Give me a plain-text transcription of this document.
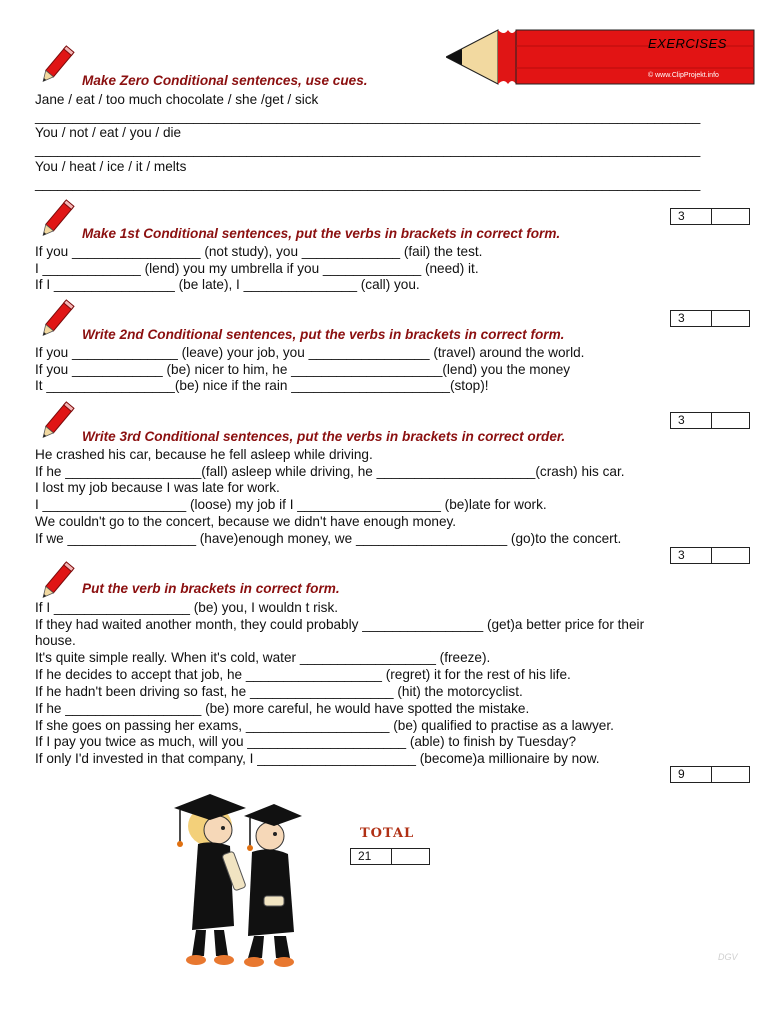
EXERCISES
© www.ClipProjekt.info
Make Zero Conditional sentences, use cues.
Jane / eat / too much chocolate / she /get / sick
________________________________________________________________________________________
You / not / eat / you / die
________________________________________________________________________________________
You / heat / ice / it / melts
________________________________________________________________________________________
3
Make 1st Conditional sentences, put the verbs in brackets in correct form.
If you _________________ (not study), you _____________ (fail) the test.
I _____________ (lend) you my umbrella if you _____________ (need) it.
If I ________________ (be late), I _______________ (call) you.
3
Write 2nd Conditional sentences, put the verbs in brackets in correct form.
If you ______________ (leave) your job, you ________________ (travel) around the world.
If you ____________ (be) nicer to him, he ____________________(lend) you the money
It _________________(be) nice if the rain _____________________(stop)!
3
Write 3rd Conditional sentences, put the verbs in brackets in correct order.
He crashed his car, because he fell asleep while driving.
If he __________________(fall) asleep while driving, he _____________________(crash) his car.
I lost my job because I was late for work.
I ___________________ (loose) my job if I ___________________ (be)late for work.
We couldn't go to the concert, because we didn't have enough money.
If we _________________ (have)enough money, we ____________________ (go)to the concert.
3
Put the verb in brackets in correct form.
If I __________________ (be) you, I wouldn t risk.
If they had waited another month, they could probably ________________ (get)a better price for their
house.
It's quite simple really. When it's cold, water __________________ (freeze).
If he decides to accept that job, he __________________ (regret) it for the rest of his life.
If he hadn't been driving so fast, he ___________________ (hit) the motorcyclist.
If he __________________ (be) more careful, he would have spotted the mistake.
If she goes on passing her exams, ___________________ (be) qualified to practise as a lawyer.
If I pay you twice as much, will you _____________________ (able) to finish by Tuesday?
If only I'd invested in that company, I _____________________ (become)a millionaire by now.
9
TOTAL
21
DGV
